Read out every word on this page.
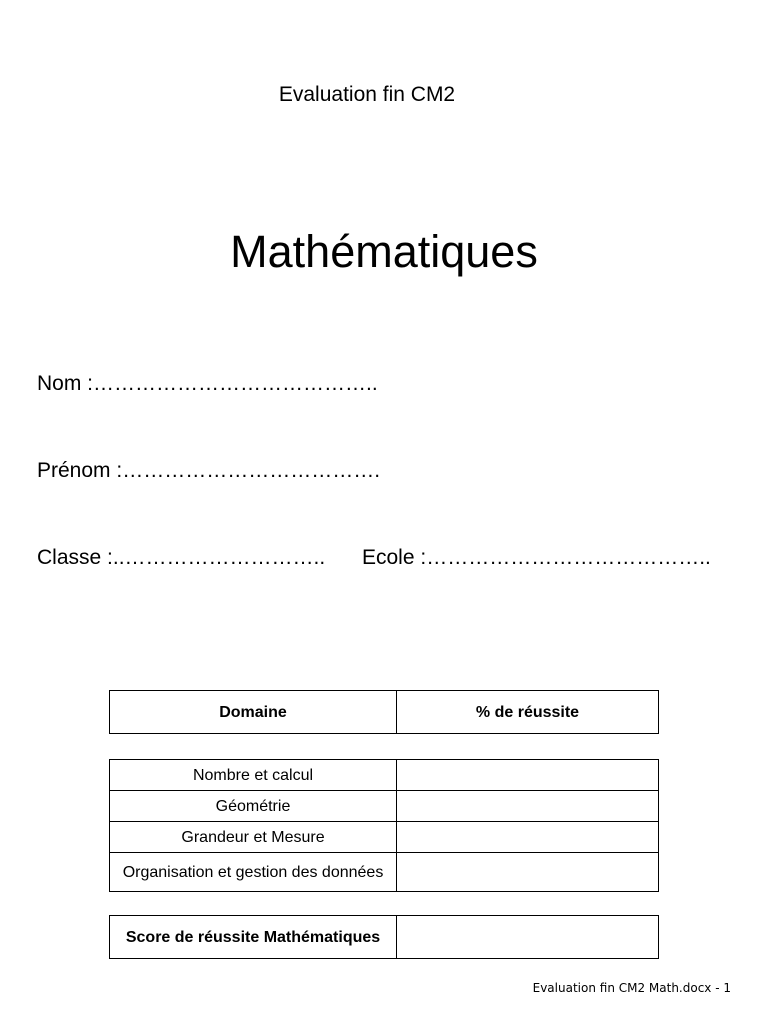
Evaluation fin CM2
Mathématiques
Nom :…………………………………..
Prénom :……………………………….
Classe :..……………………….. Ecole :…………………………………..
Domaine	% de réussite
Nombre et calcul	
Géométrie	
Grandeur et Mesure	
Organisation et gestion des données	
Score de réussite Mathématiques	
Evaluation fin CM2 Math.docx - 1
